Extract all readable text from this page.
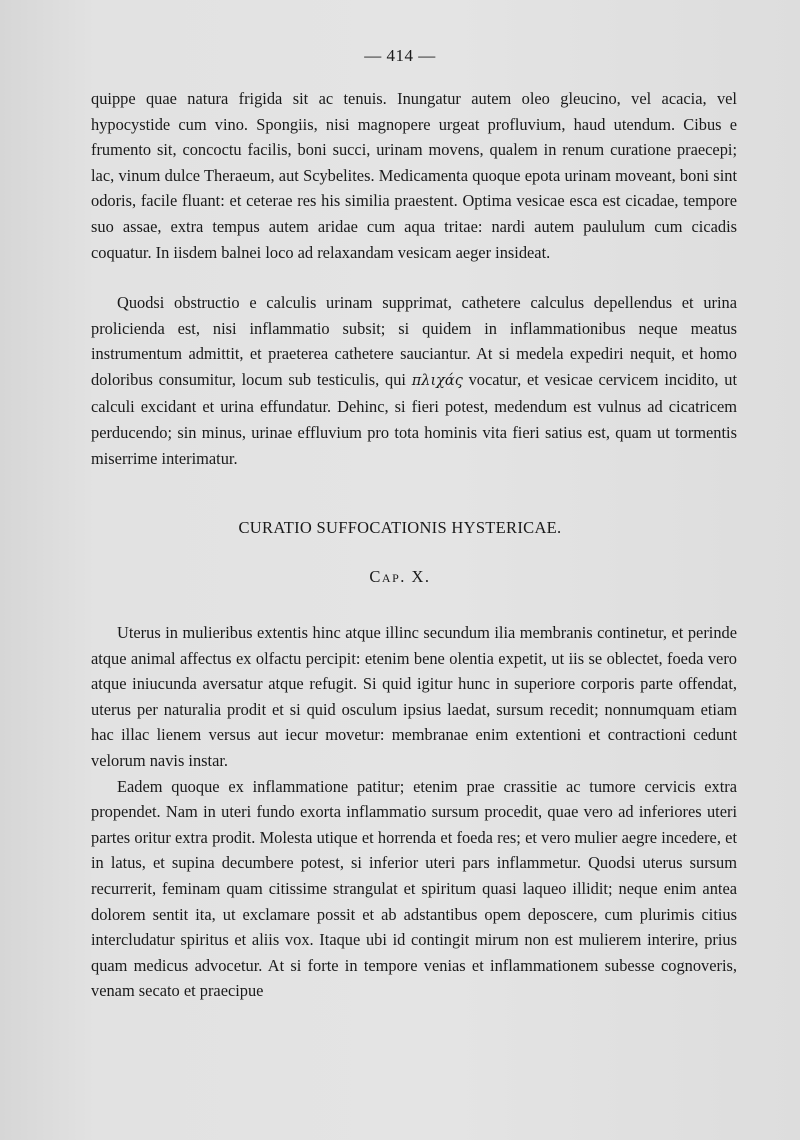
— 414 —

quippe quae natura frigida sit ac tenuis. Inungatur autem oleo gleucino, vel acacia, vel hypocystide cum vino. Spongiis, nisi magnopere urgeat profluvium, haud utendum. Cibus e frumento sit, concoctu facilis, boni succi, urinam movens, qualem in renum curatione praecepi; lac, vinum dulce Theraeum, aut Scybelites. Medicamenta quoque epota urinam moveant, boni sint odoris, facile fluant: et ceterae res his similia praestent. Optima vesicae esca est cicadae, tempore suo assae, extra tempus autem aridae cum aqua tritae: nardi autem paululum cum cicadis coquatur. In iisdem balnei loco ad relaxandam vesicam aeger insideat.

Quodsi obstructio e calculis urinam supprimat, cathetere calculus depellendus et urina prolicienda est, nisi inflammatio subsit; si quidem in inflammationibus neque meatus instrumentum admittit, et praeterea cathetere sauciantur. At si medela expediri nequit, et homo doloribus consumitur, locum sub testiculis, qui πλιχάς vocatur, et vesicae cervicem incidito, ut calculi excidant et urina effundatur. Dehinc, si fieri potest, medendum est vulnus ad cicatricem perducendo; sin minus, urinae effluvium pro tota hominis vita fieri satius est, quam ut tormentis miserrime interimatur.

CURATIO SUFFOCATIONIS HYSTERICAE.
Cap. X.

Uterus in mulieribus extentis hinc atque illinc secundum ilia membranis continetur, et perinde atque animal affectus ex olfactu percipit: etenim bene olentia expetit, ut iis se oblectet, foeda vero atque iniucunda aversatur atque refugit. Si quid igitur hunc in superiore corporis parte offendat, uterus per naturalia prodit et si quid osculum ipsius laedat, sursum recedit; nonnumquam etiam hac illac lienem versus aut iecur movetur: membranae enim extentioni et contractioni cedunt velorum navis instar.

Eadem quoque ex inflammatione patitur; etenim prae crassitie ac tumore cervicis extra propendet. Nam in uteri fundo exorta inflammatio sursum procedit, quae vero ad inferiores uteri partes oritur extra prodit. Molesta utique et horrenda et foeda res; et vero mulier aegre incedere, et in latus, et supina decumbere potest, si inferior uteri pars inflammetur. Quodsi uterus sursum recurrerit, feminam quam citissime strangulat et spiritum quasi laqueo illidit; neque enim antea dolorem sentit ita, ut exclamare possit et ab adstantibus opem deposcere, cum plurimis citius intercludatur spiritus et aliis vox. Itaque ubi id contingit mirum non est mulierem interire, prius quam medicus advocetur. At si forte in tempore venias et inflammationem subesse cognoveris, venam secato et praecipue
